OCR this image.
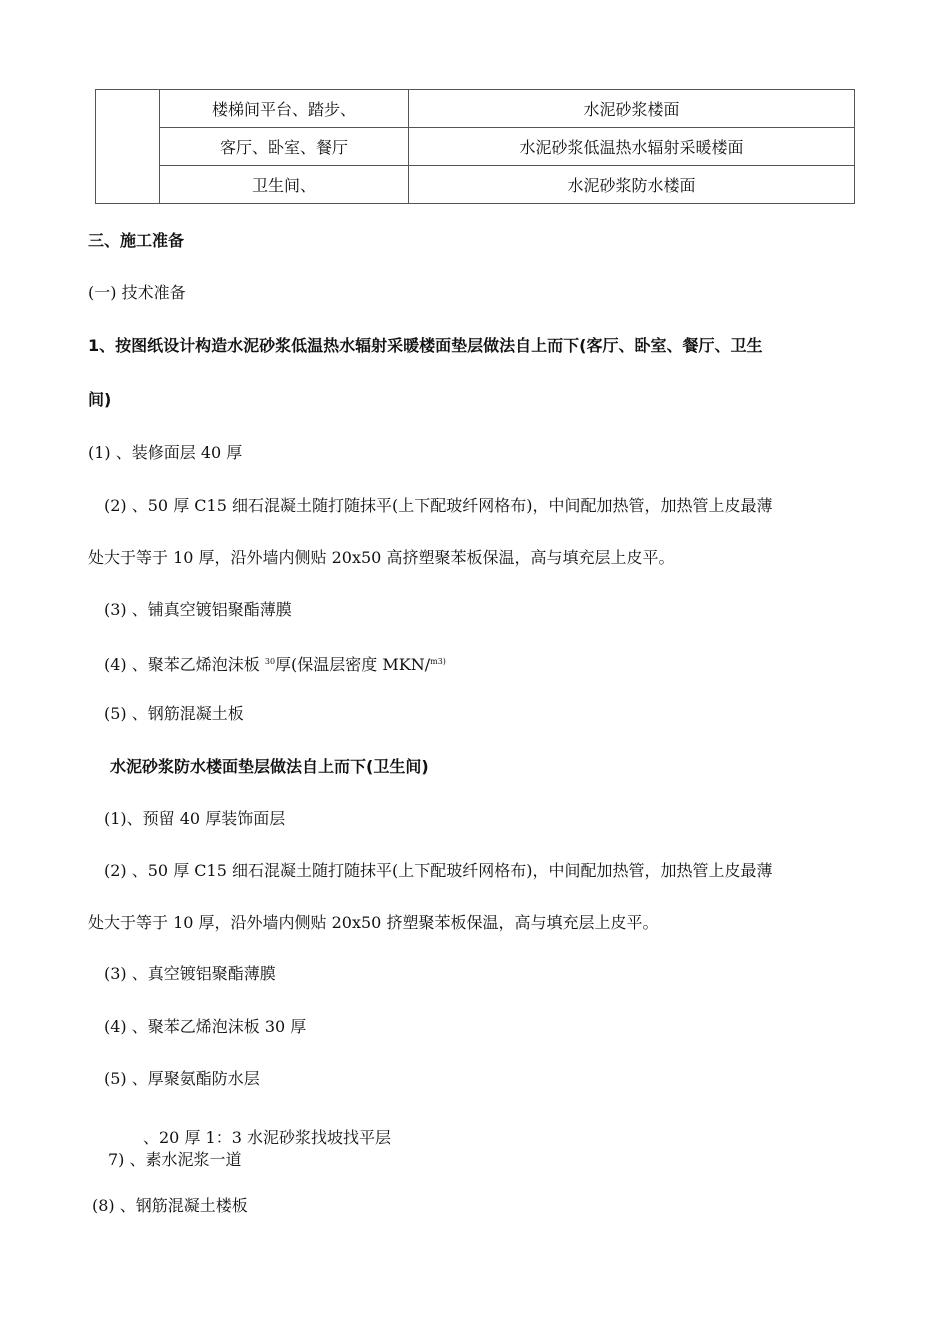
	楼梯间平台、踏步、	水泥砂浆楼面
	客厅、卧室、餐厅	水泥砂浆低温热水辐射采暖楼面
	卫生间、	水泥砂浆防水楼面
三、施工准备
(一) 技术准备
1、按图纸设计构造水泥砂浆低温热水辐射采暖楼面垫层做法自上而下(客厅、卧室、餐厅、卫生
间)
(1) 、装修面层 40 厚
(2) 、50 厚 C15 细石混凝土随打随抹平(上下配玻纤网格布)，中间配加热管，加热管上皮最薄
处大于等于 10 厚，沿外墙内侧贴 20x50 高挤塑聚苯板保温，高与填充层上皮平。
(3) 、铺真空镀铝聚酯薄膜
(4) 、聚苯乙烯泡沫板 $^{30}$厚(保温层密度 MKN/$^{m3)}$
(5) 、钢筋混凝土板
水泥砂浆防水楼面垫层做法自上而下(卫生间)
(1)、预留 40 厚装饰面层
(2) 、50 厚 C15 细石混凝土随打随抹平(上下配玻纤网格布)，中间配加热管，加热管上皮最薄
处大于等于 10 厚，沿外墙内侧贴 20x50 挤塑聚苯板保温，高与填充层上皮平。
(3) 、真空镀铝聚酯薄膜
(4) 、聚苯乙烯泡沫板 30 厚
(5) 、厚聚氨酯防水层
、20 厚 1：3 水泥砂浆找坡找平层
7) 、素水泥浆一道
(8) 、钢筋混凝土楼板
